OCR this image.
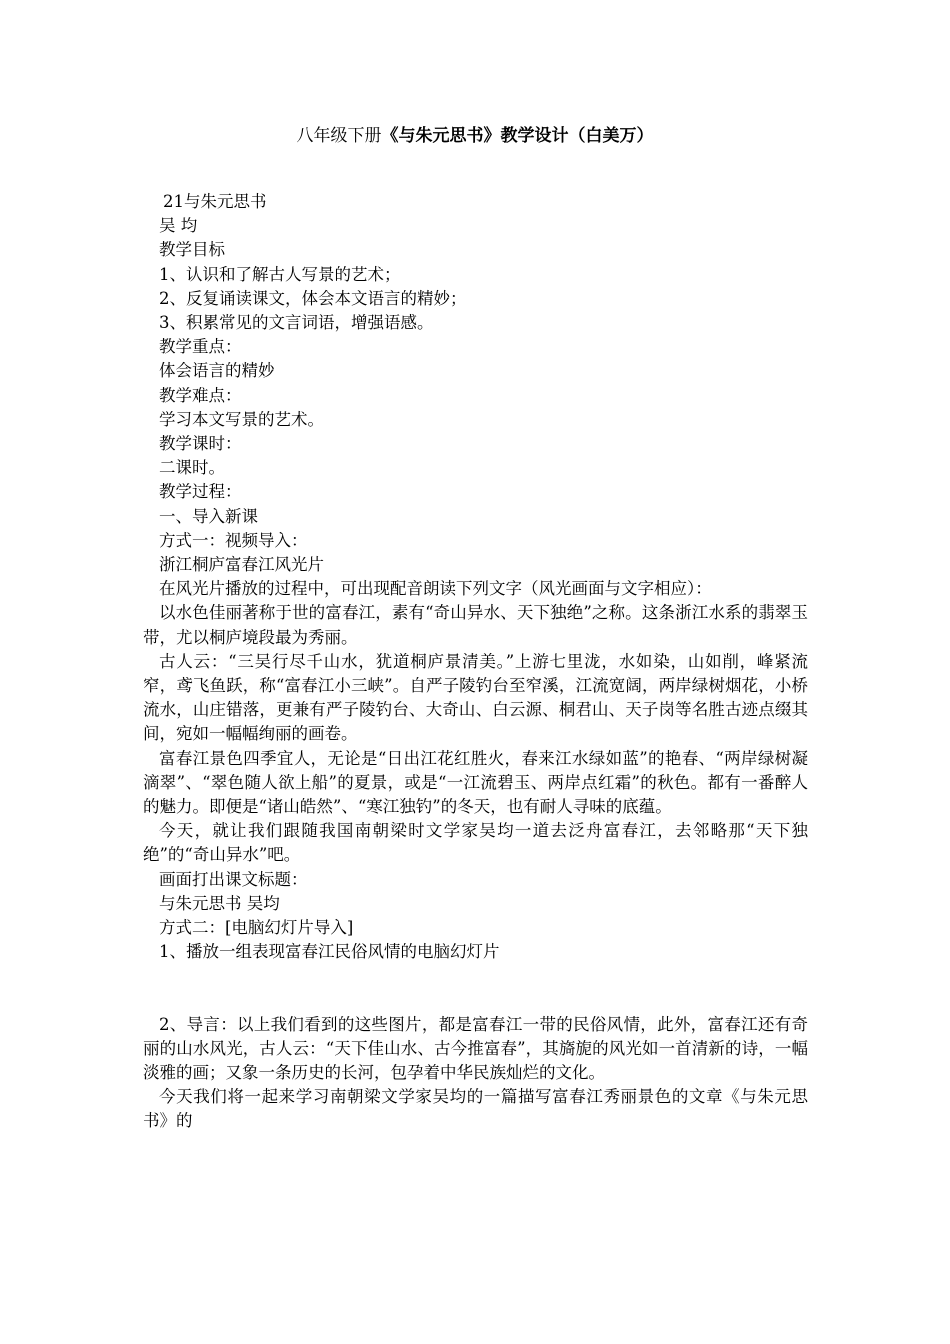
八年级下册《与朱元思书》教学设计（白美万）
21与朱元思书
吴 均
教学目标
1、认识和了解古人写景的艺术；
2、反复诵读课文，体会本文语言的精妙；
3、积累常见的文言词语，增强语感。
教学重点：
体会语言的精妙
教学难点：
学习本文写景的艺术。
教学课时：
二课时。
教学过程：
一、导入新课
方式一：视频导入：
浙江桐庐富春江风光片
在风光片播放的过程中，可出现配音朗读下列文字（风光画面与文字相应）：
以水色佳丽著称于世的富春江，素有“奇山异水、天下独绝”之称。这条浙江水系的翡翠玉带，尤以桐庐境段最为秀丽。
古人云：“三吴行尽千山水，犹道桐庐景清美。”上游七里泷，水如染，山如削，峰紧流窄，鸢飞鱼跃，称“富春江小三峡”。自严子陵钓台至窄溪，江流宽阔，两岸绿树烟花，小桥流水，山庄错落，更兼有严子陵钓台、大奇山、白云源、桐君山、天子岗等名胜古迹点缀其间，宛如一幅幅绚丽的画卷。
富春江景色四季宜人，无论是“日出江花红胜火，春来江水绿如蓝”的艳春、“两岸绿树凝滴翠”、“翠色随人欲上船”的夏景，或是“一江流碧玉、两岸点红霜”的秋色。都有一番醉人的魅力。即便是“诸山皓然”、“寒江独钓”的冬天，也有耐人寻味的底蕴。
今天，就让我们跟随我国南朝梁时文学家吴均一道去泛舟富春江，去邻略那“天下独绝”的“奇山异水”吧。
画面打出课文标题：
与朱元思书 吴均
方式二：[电脑幻灯片导入]
1、播放一组表现富春江民俗风情的电脑幻灯片
2、导言：以上我们看到的这些图片，都是富春江一带的民俗风情，此外，富春江还有奇丽的山水风光，古人云：“天下佳山水、古今推富春”，其旖旎的风光如一首清新的诗，一幅淡雅的画；又象一条历史的长河，包孕着中华民族灿烂的文化。
今天我们将一起来学习南朝梁文学家吴均的一篇描写富春江秀丽景色的文章《与朱元思书》的
